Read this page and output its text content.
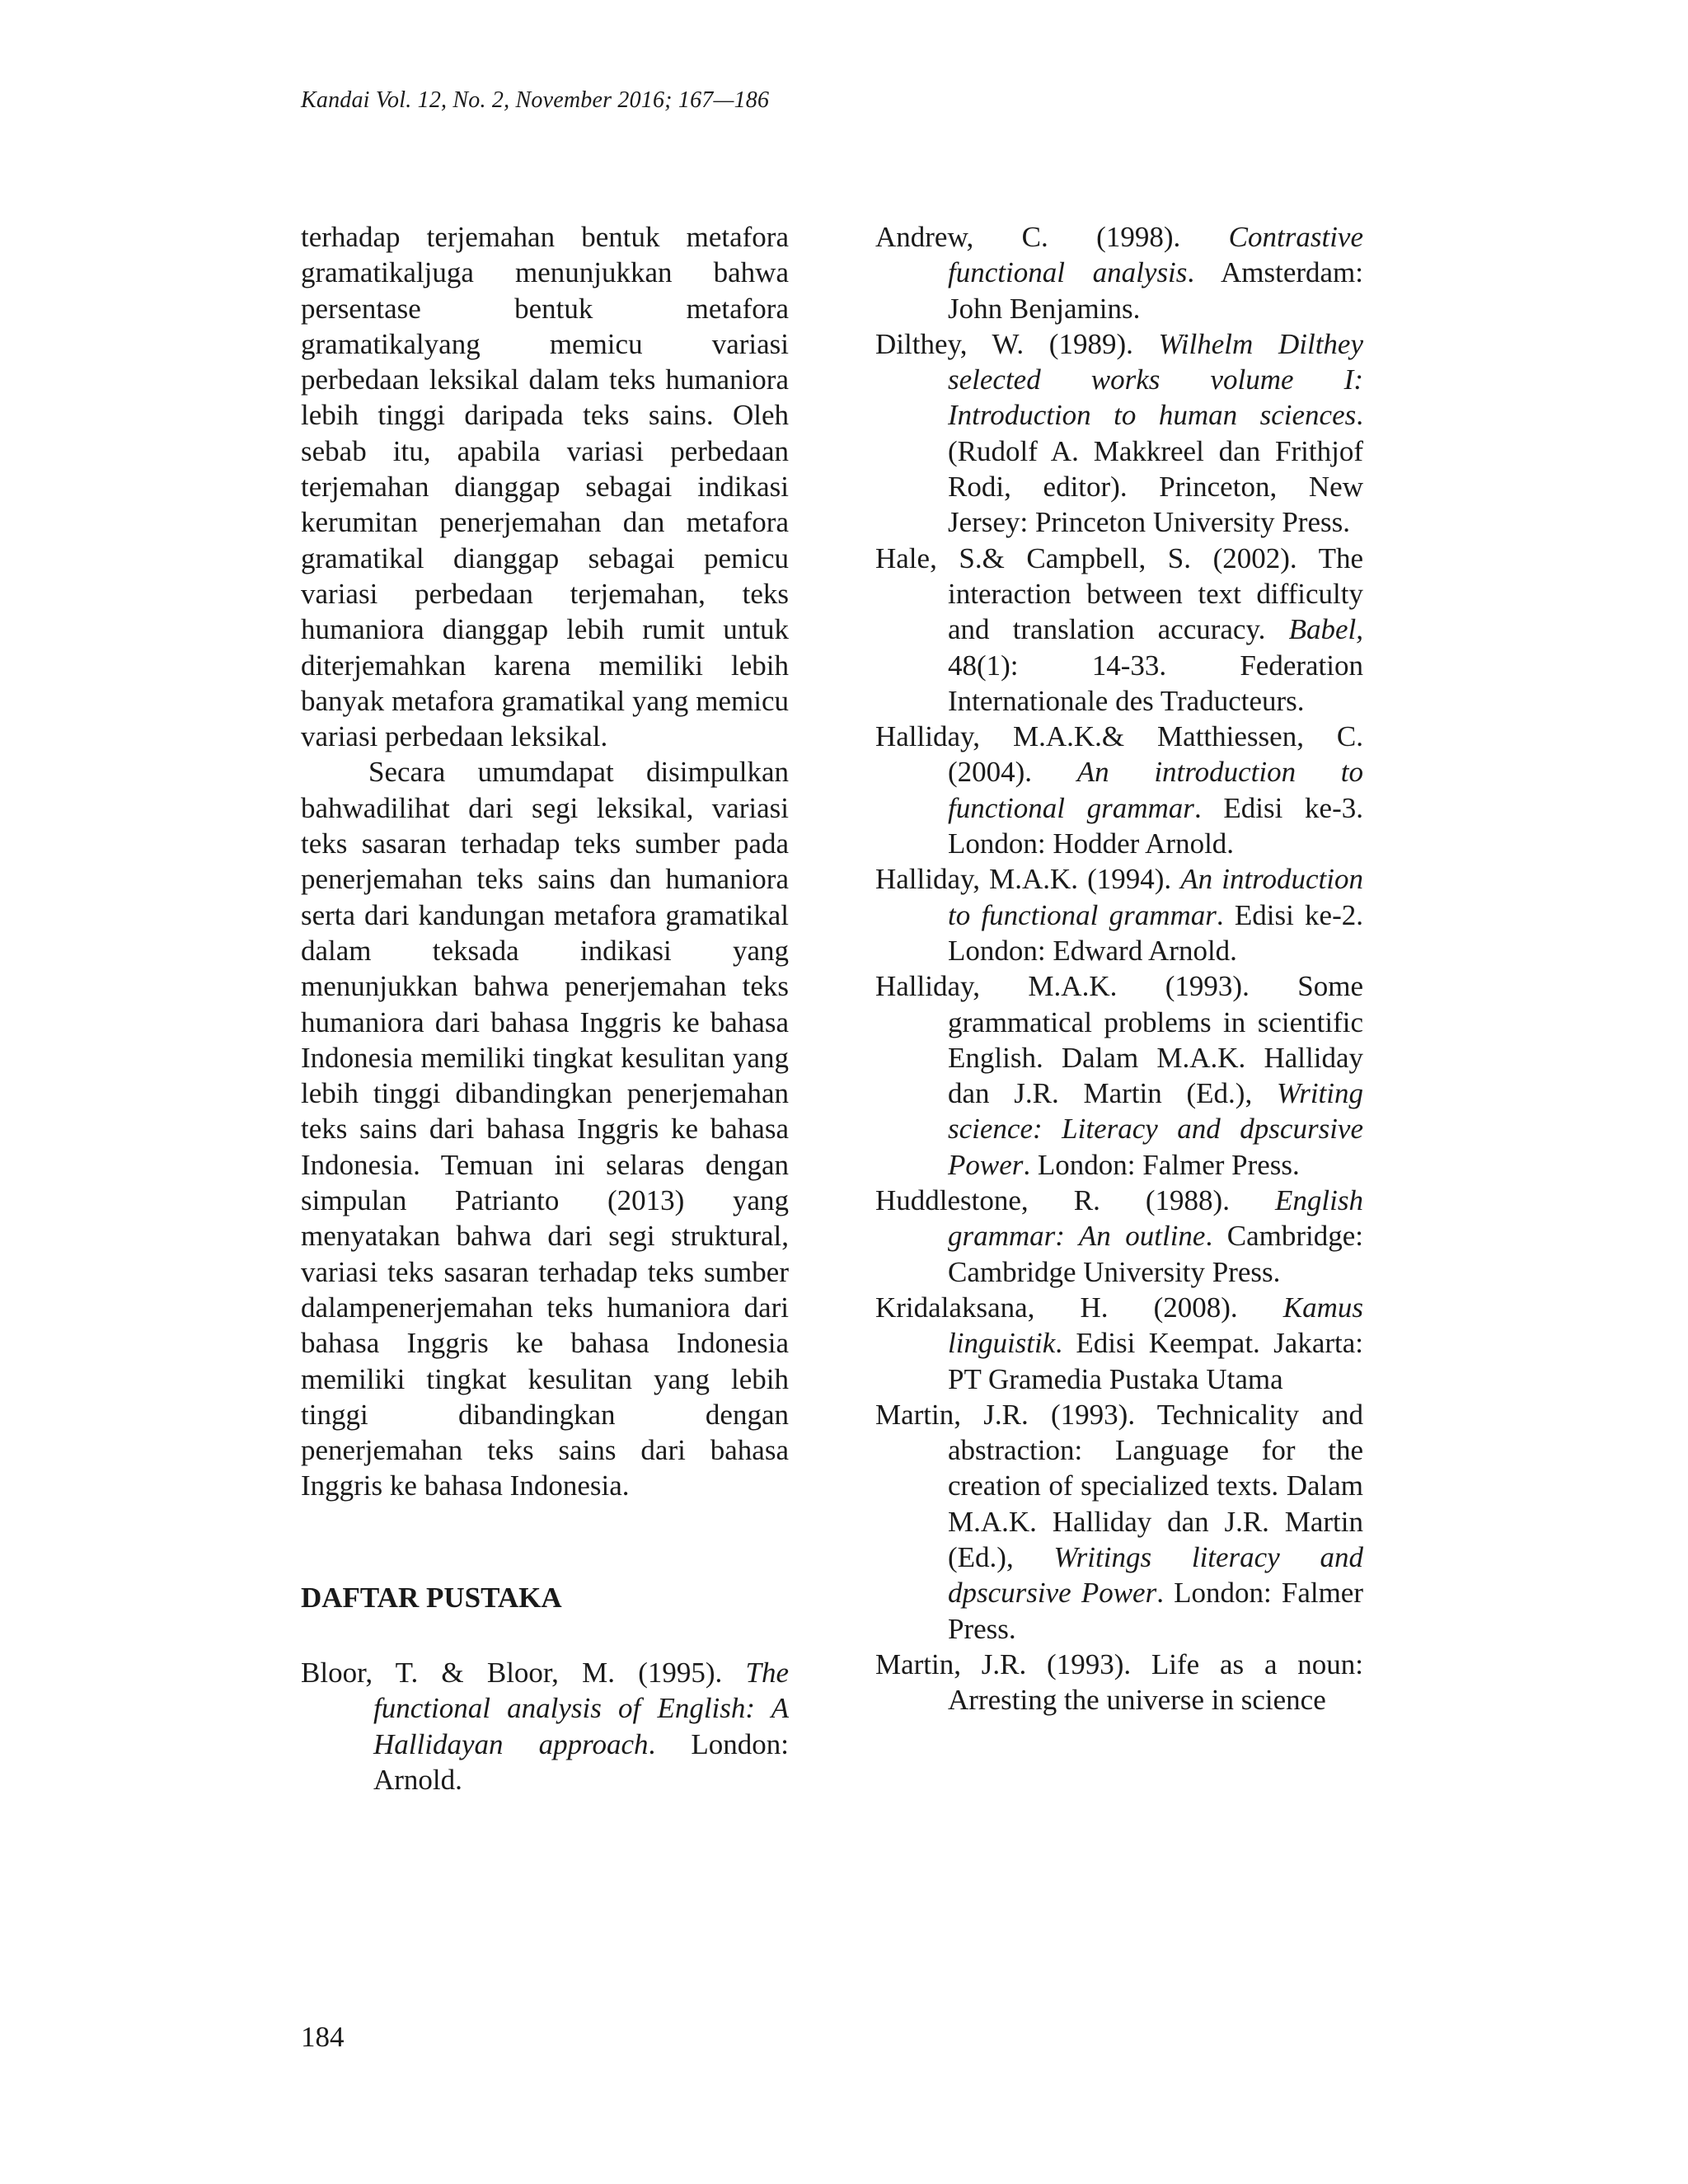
Kandai Vol. 12, No. 2, November 2016; 167—186

terhadap terjemahan bentuk metafora gramatikaljuga menunjukkan bahwa persentase bentuk metafora gramatikalyang memicu variasi perbedaan leksikal dalam teks humaniora lebih tinggi daripada teks sains. Oleh sebab itu, apabila variasi perbedaan terjemahan dianggap sebagai indikasi kerumitan penerjemahan dan metafora gramatikal dianggap sebagai pemicu variasi perbedaan terjemahan, teks humaniora dianggap lebih rumit untuk diterjemahkan karena memiliki lebih banyak metafora gramatikal yang memicu variasi perbedaan leksikal.

Secara umumdapat disimpulkan bahwadilihat dari segi leksikal, variasi teks sasaran terhadap teks sumber pada penerjemahan teks sains dan humaniora serta dari kandungan metafora gramatikal dalam teksada indikasi yang menunjukkan bahwa penerjemahan teks humaniora dari bahasa Inggris ke bahasa Indonesia memiliki tingkat kesulitan yang lebih tinggi dibandingkan penerjemahan teks sains dari bahasa Inggris ke bahasa Indonesia. Temuan ini selaras dengan simpulan Patrianto (2013) yang menyatakan bahwa dari segi struktural, variasi teks sasaran terhadap teks sumber dalampenerjemahan teks humaniora dari bahasa Inggris ke bahasa Indonesia memiliki tingkat kesulitan yang lebih tinggi dibandingkan dengan penerjemahan teks sains dari bahasa Inggris ke bahasa Indonesia.

DAFTAR PUSTAKA

Bloor, T. & Bloor, M. (1995). The functional analysis of English: A Hallidayan approach. London: Arnold.

Andrew, C. (1998). Contrastive functional analysis. Amsterdam: John Benjamins.

Dilthey, W. (1989). Wilhelm Dilthey selected works volume I: Introduction to human sciences. (Rudolf A. Makkreel dan Frithjof Rodi, editor). Princeton, New Jersey: Princeton University Press.

Hale, S.& Campbell, S. (2002). The interaction between text difficulty and translation accuracy. Babel, 48(1): 14-33. Federation Internationale des Traducteurs.

Halliday, M.A.K.& Matthiessen, C. (2004). An introduction to functional grammar. Edisi ke-3. London: Hodder Arnold.

Halliday, M.A.K. (1994). An introduction to functional grammar. Edisi ke-2. London: Edward Arnold.

Halliday, M.A.K. (1993). Some grammatical problems in scientific English. Dalam M.A.K. Halliday dan J.R. Martin (Ed.), Writing science: Literacy and dpscursive Power. London: Falmer Press.

Huddlestone, R. (1988). English grammar: An outline. Cambridge: Cambridge University Press.

Kridalaksana, H. (2008). Kamus linguistik. Edisi Keempat. Jakarta: PT Gramedia Pustaka Utama

Martin, J.R. (1993). Technicality and abstraction: Language for the creation of specialized texts. Dalam M.A.K. Halliday dan J.R. Martin (Ed.), Writings literacy and dpscursive Power. London: Falmer Press.

Martin, J.R. (1993). Life as a noun: Arresting the universe in science

184
